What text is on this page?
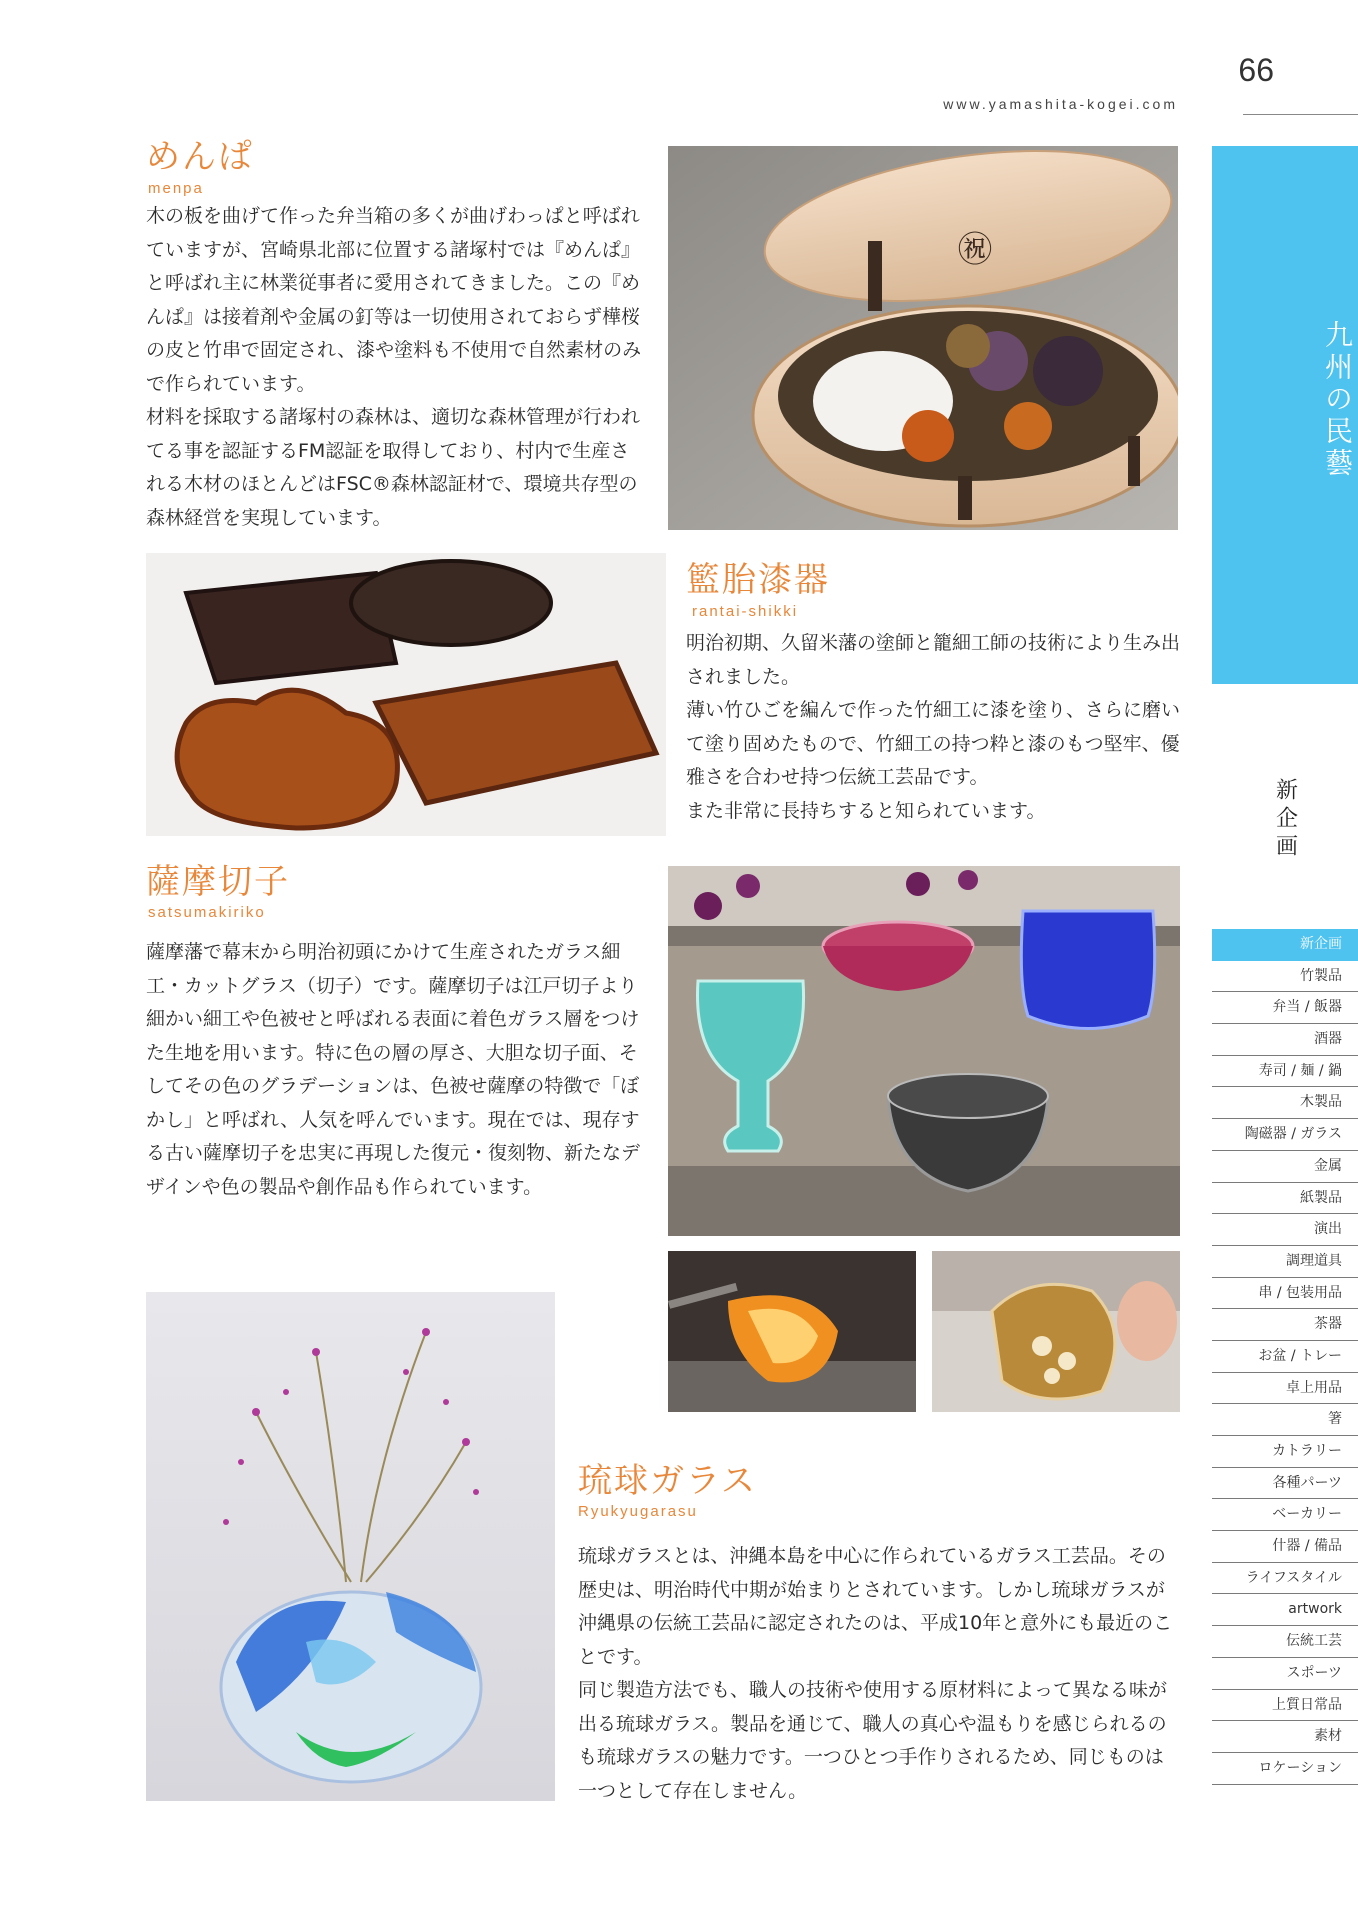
66
www.yamashita-kogei.com
九州の民藝
新企画
新企画
竹製品
弁当 / 飯器
酒器
寿司 / 麺 / 鍋
木製品
陶磁器 / ガラス
金属
紙製品
演出
調理道具
串 / 包装用品
茶器
お盆 / トレー
卓上用品
箸
カトラリー
各種パーツ
ベーカリー
什器 / 備品
ライフスタイル
artwork
伝統工芸
スポーツ
上質日常品
素材
ロケーション
めんぱ
menpa

木の板を曲げて作った弁当箱の多くが曲げわっぱと呼ばれていますが、宮崎県北部に位置する諸塚村では『めんぱ』と呼ばれ主に林業従事者に愛用されてきました。この『めんぱ』は接着剤や金属の釘等は一切使用されておらず樺桜の皮と竹串で固定され、漆や塗料も不使用で自然素材のみで作られています。

材料を採取する諸塚村の森林は、適切な森林管理が行われてる事を認証するFM認証を取得しており、村内で生産される木材のほとんどはFSC®森林認証材で、環境共存型の森林経営を実現しています。

㊗
籃胎漆器
rantai-shikki

明治初期、久留米藩の塗師と籠細工師の技術により生み出されました。

薄い竹ひごを編んで作った竹細工に漆を塗り、さらに磨いて塗り固めたもので、竹細工の持つ粋と漆のもつ堅牢、優雅さを合わせ持つ伝統工芸品です。

また非常に長持ちすると知られています。

薩摩切子
satsumakiriko

薩摩藩で幕末から明治初頭にかけて生産されたガラス細工・カットグラス（切子）です。薩摩切子は江戸切子より細かい細工や色被せと呼ばれる表面に着色ガラス層をつけた生地を用います。特に色の層の厚さ、大胆な切子面、そしてその色のグラデーションは、色被せ薩摩の特徴で「ぼかし」と呼ばれ、人気を呼んでいます。現在では、現存する古い薩摩切子を忠実に再現した復元・復刻物、新たなデザインや色の製品や創作品も作られています。

琉球ガラス
Ryukyugarasu

琉球ガラスとは、沖縄本島を中心に作られているガラス工芸品。その歴史は、明治時代中期が始まりとされています。しかし琉球ガラスが沖縄県の伝統工芸品に認定されたのは、平成10年と意外にも最近のことです。

同じ製造方法でも、職人の技術や使用する原材料によって異なる味が出る琉球ガラス。製品を通じて、職人の真心や温もりを感じられるのも琉球ガラスの魅力です。一つひとつ手作りされるため、同じものは一つとして存在しません。
